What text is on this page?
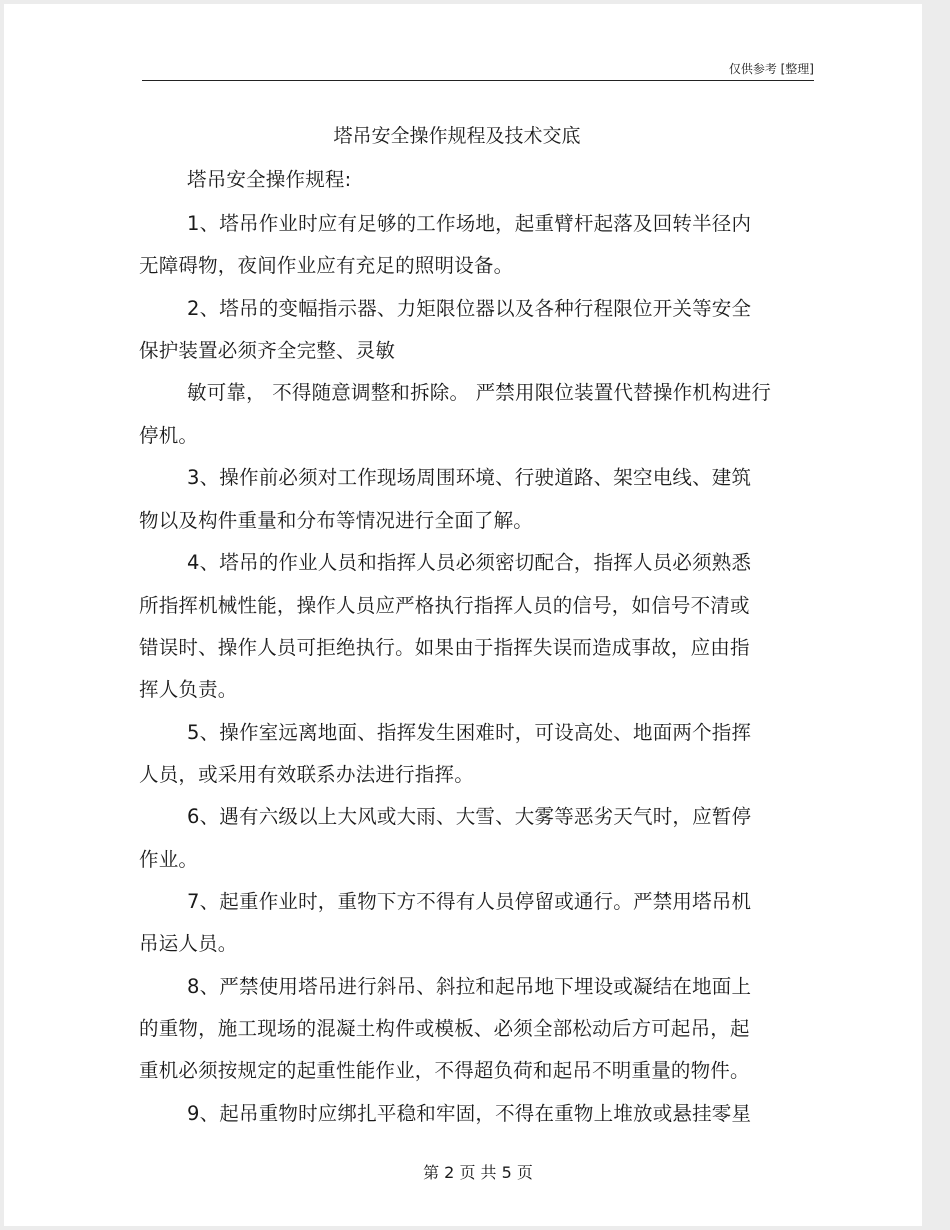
仅供参考 [整理]
塔吊安全操作规程及技术交底
塔吊安全操作规程:
1、塔吊作业时应有足够的工作场地，起重臂杆起落及回转半径内
无障碍物，夜间作业应有充足的照明设备。
2、塔吊的变幅指示器、力矩限位器以及各种行程限位开关等安全
保护装置必须齐全完整、灵敏
敏可靠， 不得随意调整和拆除。 严禁用限位装置代替操作机构进行
停机。
3、操作前必须对工作现场周围环境、行驶道路、架空电线、建筑
物以及构件重量和分布等情况进行全面了解。
4、塔吊的作业人员和指挥人员必须密切配合，指挥人员必须熟悉
所指挥机械性能，操作人员应严格执行指挥人员的信号，如信号不清或
错误时、操作人员可拒绝执行。如果由于指挥失误而造成事故，应由指
挥人负责。
5、操作室远离地面、指挥发生困难时，可设高处、地面两个指挥
人员，或采用有效联系办法进行指挥。
6、遇有六级以上大风或大雨、大雪、大雾等恶劣天气时，应暂停
作业。
7、起重作业时，重物下方不得有人员停留或通行。严禁用塔吊机
吊运人员。
8、严禁使用塔吊进行斜吊、斜拉和起吊地下埋设或凝结在地面上
的重物，施工现场的混凝土构件或模板、必须全部松动后方可起吊，起
重机必须按规定的起重性能作业，不得超负荷和起吊不明重量的物件。
9、起吊重物时应绑扎平稳和牢固，不得在重物上堆放或悬挂零星
第 2 页 共 5 页
